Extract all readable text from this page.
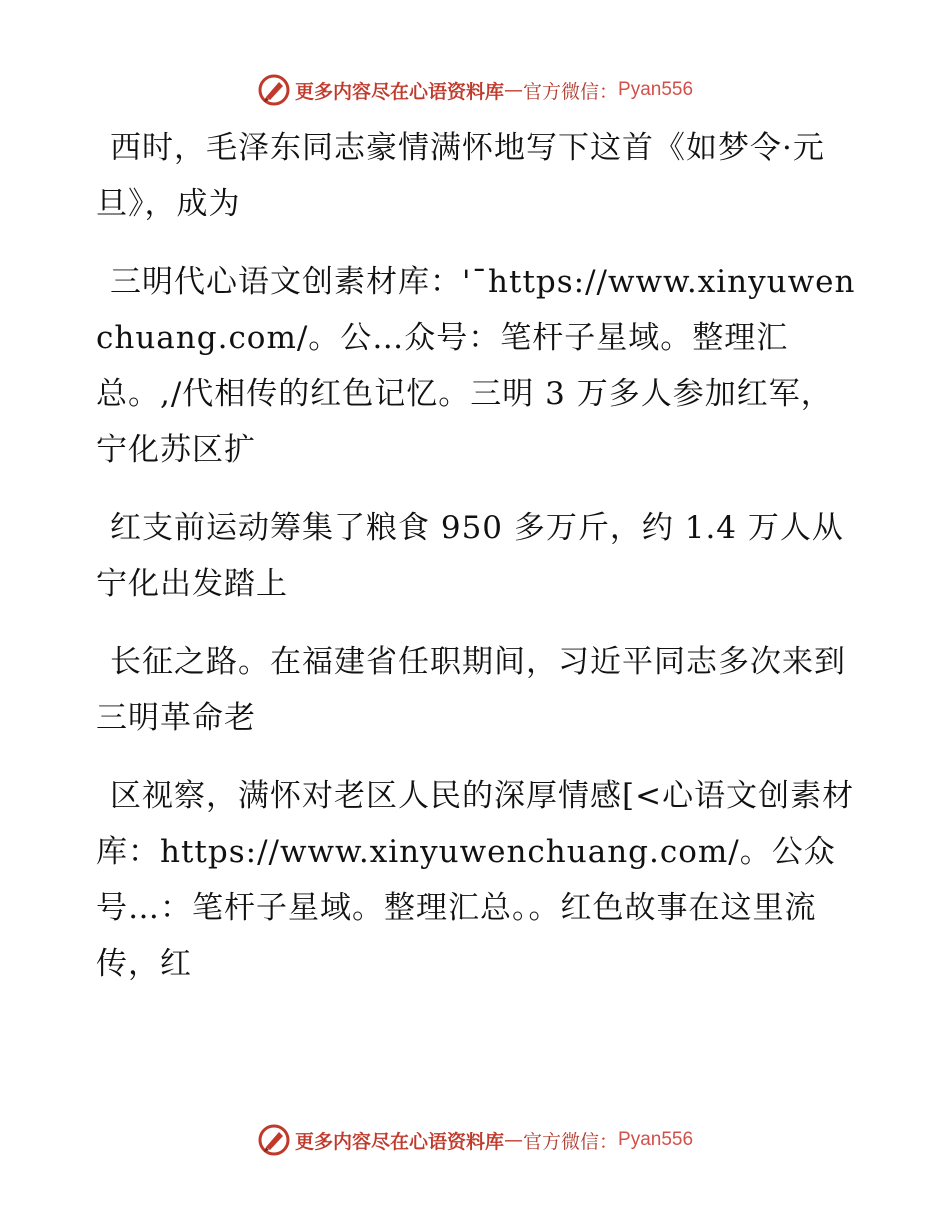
更多内容尽在心语资料库 — 官方微信 ： Pyan556

西时，毛泽东同志豪情满怀地写下这首《如梦令·元旦》，成为

三明代心语文创素材库：'¯https://www.xinyuwenchuang.com/。公…众号：笔杆子星域。整理汇总。,/代相传的红色记忆。三明 3 万多人参加红军，宁化苏区扩

红支前运动筹集了粮食 950 多万斤，约 1.4 万人从宁化出发踏上

长征之路。在福建省任职期间，习近平同志多次来到三明革命老

区视察，满怀对老区人民的深厚情感[<心语文创素材库：https://www.xinyuwenchuang.com/。公众号…：笔杆子星域。整理汇总。。红色故事在这里流传，红

更多内容尽在心语资料库 — 官方微信 ： Pyan556
